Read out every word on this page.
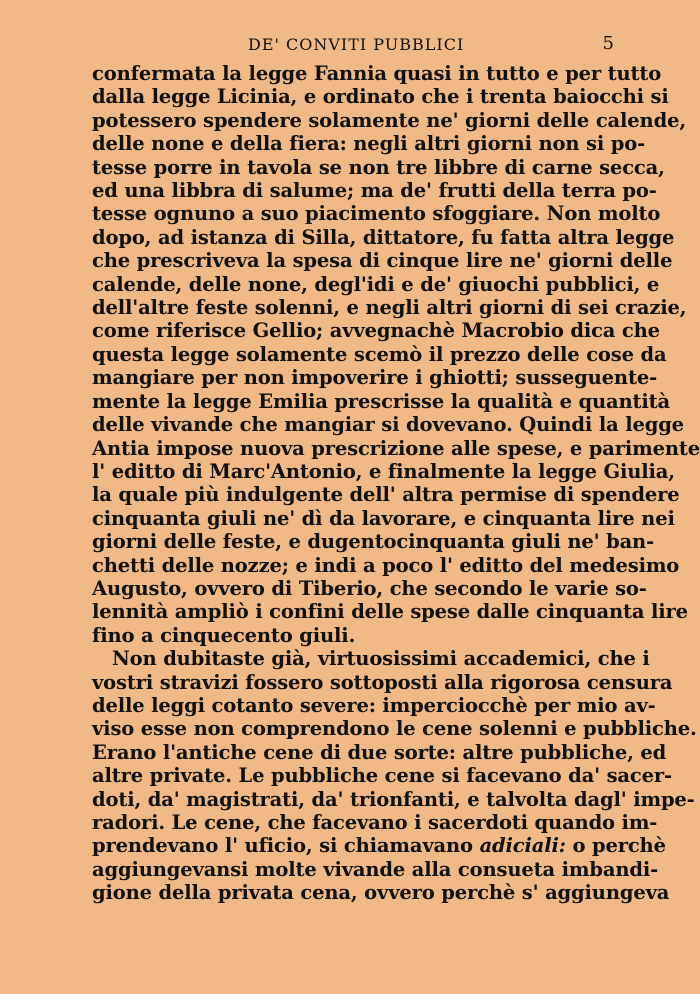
DE' CONVITI PUBBLICI	5
confermata la legge Fannia quasi in tutto e per tutto
dalla legge Licinia, e ordinato che i trenta baiocchi si
potessero spendere solamente ne' giorni delle calende,
delle none e della fiera: negli altri giorni non si po-
tesse porre in tavola se non tre libbre di carne secca,
ed una libbra di salume; ma de' frutti della terra po-
tesse ognuno a suo piacimento sfoggiare. Non molto
dopo, ad istanza di Silla, dittatore, fu fatta altra legge
che prescriveva la spesa di cinque lire ne' giorni delle
calende, delle none, degl'idi e de' giuochi pubblici, e
dell'altre feste solenni, e negli altri giorni di sei crazie,
come riferisce Gellio; avvegnachè Macrobio dica che
questa legge solamente scemò il prezzo delle cose da
mangiare per non impoverire i ghiotti; susseguente-
mente la legge Emilia prescrisse la qualità e quantità
delle vivande che mangiar si dovevano. Quindi la legge
Antia impose nuova prescrizione alle spese, e parimente
l' editto di Marc'Antonio, e finalmente la legge Giulia,
la quale più indulgente dell' altra permise di spendere
cinquanta giuli ne' dì da lavorare, e cinquanta lire nei
giorni delle feste, e dugentocinquanta giuli ne' ban-
chetti delle nozze; e indi a poco l' editto del medesimo
Augusto, ovvero di Tiberio, che secondo le varie so-
lennità ampliò i confini delle spese dalle cinquanta lire
fino a cinquecento giuli.
Non dubitaste già, virtuosissimi accademici, che i
vostri stravizi fossero sottoposti alla rigorosa censura
delle leggi cotanto severe: imperciocchè per mio av-
viso esse non comprendono le cene solenni e pubbliche.
Erano l'antiche cene di due sorte: altre pubbliche, ed
altre private. Le pubbliche cene si facevano da' sacer-
doti, da' magistrati, da' trionfanti, e talvolta dagl' impe-
radori. Le cene, che facevano i sacerdoti quando im-
prendevano l' uficio, si chiamavano adiciali: o perchè
aggiungevansi molte vivande alla consueta imbandi-
gione della privata cena, ovvero perchè s' aggiungeva
